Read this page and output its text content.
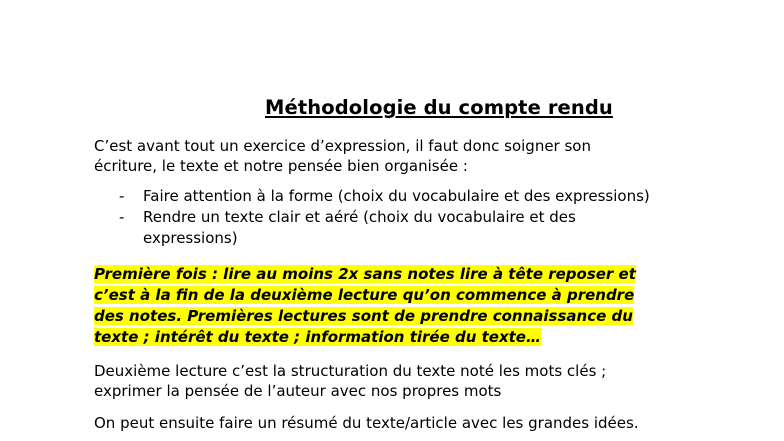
Méthodologie du compte rendu

C’est avant tout un exercice d’expression, il faut donc soigner son
écriture, le texte et notre pensée bien organisée :

- Faire attention à la forme (choix du vocabulaire et des expressions)
- Rendre un texte clair et aéré (choix du vocabulaire et des
expressions)

Première fois : lire au moins 2x sans notes lire à tête reposer et
c’est à la fin de la deuxième lecture qu’on commence à prendre
des notes. Premières lectures sont de prendre connaissance du
texte ; intérêt du texte ; information tirée du texte…

Deuxième lecture c’est la structuration du texte noté les mots clés ;
exprimer la pensée de l’auteur avec nos propres mots

On peut ensuite faire un résumé du texte/article avec les grandes idées.
